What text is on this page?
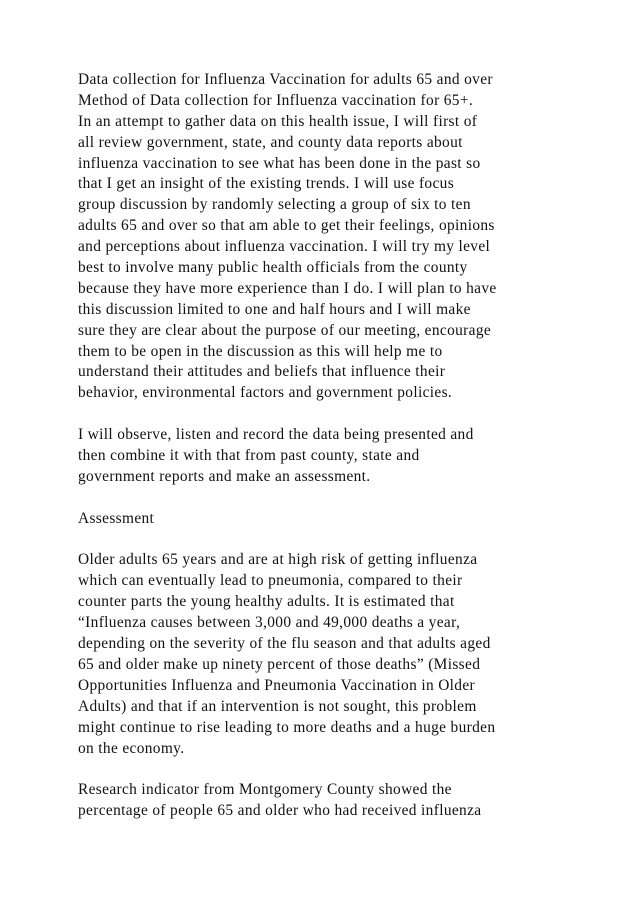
Data collection for Influenza Vaccination for adults 65 and over
Method of Data collection for Influenza vaccination for 65+.
In an attempt to gather data on this health issue, I will first of
all review government, state, and county data reports about
influenza vaccination to see what has been done in the past so
that I get an insight of the existing trends. I will use focus
group discussion by randomly selecting a group of six to ten
adults 65 and over so that am able to get their feelings, opinions
and perceptions about influenza vaccination. I will try my level
best to involve many public health officials from the county
because they have more experience than I do. I will plan to have
this discussion limited to one and half hours and I will make
sure they are clear about the purpose of our meeting, encourage
them to be open in the discussion as this will help me to
understand their attitudes and beliefs that influence their
behavior, environmental factors and government policies.
I will observe, listen and record the data being presented and
then combine it with that from past county, state and
government reports and make an assessment.
Assessment
Older adults 65 years and are at high risk of getting influenza
which can eventually lead to pneumonia, compared to their
counter parts the young healthy adults. It is estimated that
“Influenza causes between 3,000 and 49,000 deaths a year,
depending on the severity of the flu season and that adults aged
65 and older make up ninety percent of those deaths” (Missed
Opportunities Influenza and Pneumonia Vaccination in Older
Adults) and that if an intervention is not sought, this problem
might continue to rise leading to more deaths and a huge burden
on the economy.
Research indicator from Montgomery County showed the
percentage of people 65 and older who had received influenza
